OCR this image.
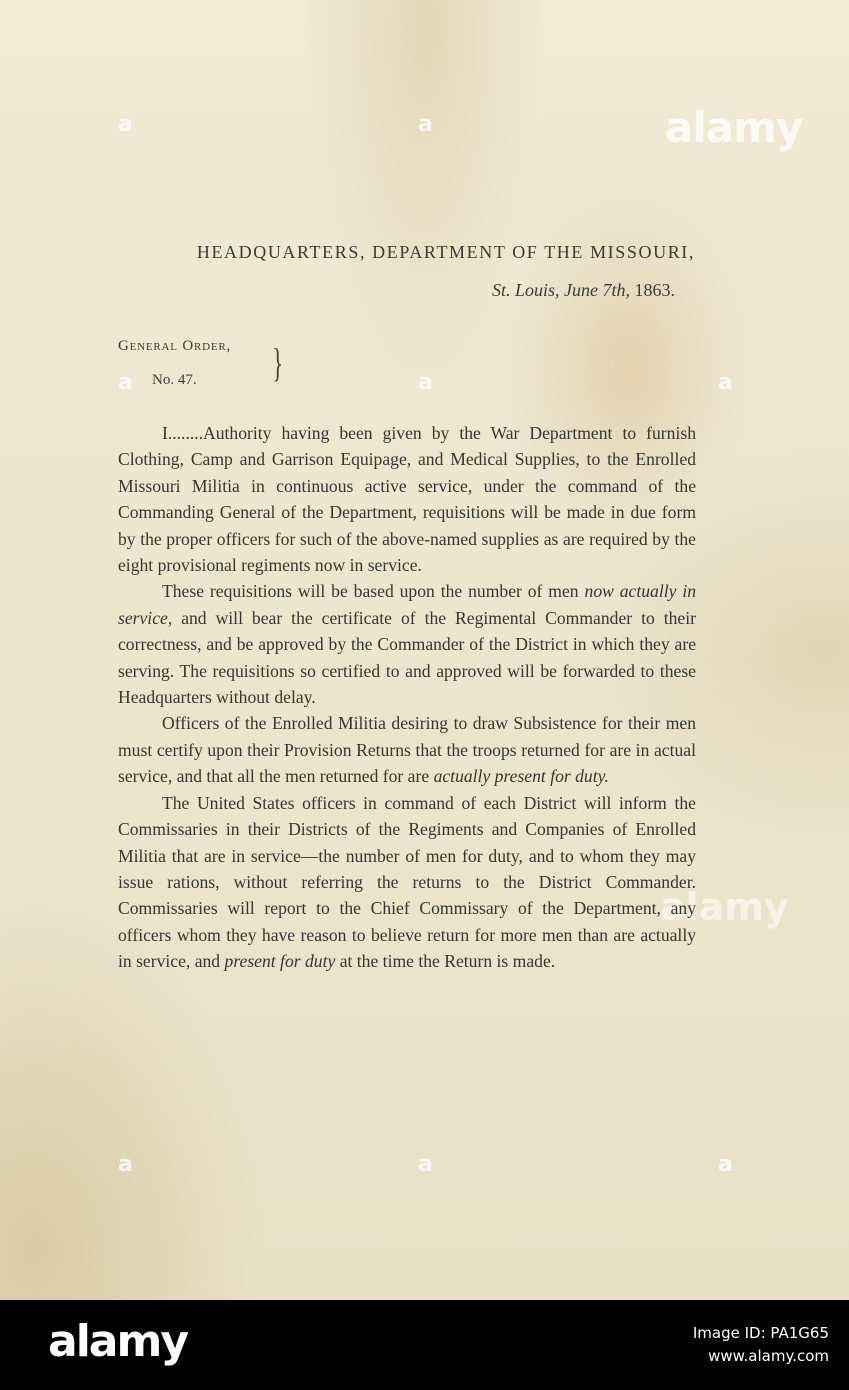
a	a	alamy
a	a	a
a	a	a
alamy
HEADQUARTERS, DEPARTMENT OF THE MISSOURI,
St. Louis, June 7th, 1863.
General Order,
No. 47. }

I........Authority having been given by the War Department to furnish Clothing, Camp and Garrison Equipage, and Medical Supplies, to the Enrolled Missouri Militia in continuous active service, under the command of the Commanding General of the Department, requisitions will be made in due form by the proper officers for such of the above-named supplies as are required by the eight provisional regiments now in service.

These requisitions will be based upon the number of men now actually in service, and will bear the certificate of the Regimental Commander to their correctness, and be approved by the Commander of the District in which they are serving. The requisitions so certified to and approved will be forwarded to these Headquarters without delay.

Officers of the Enrolled Militia desiring to draw Subsistence for their men must certify upon their Provision Returns that the troops returned for are in actual service, and that all the men returned for are actually present for duty.

The United States officers in command of each District will inform the Commissaries in their Districts of the Regiments and Companies of Enrolled Militia that are in service—the number of men for duty, and to whom they may issue rations, without referring the returns to the District Commander. Commissaries will report to the Chief Commissary of the Department, any officers whom they have reason to believe return for more men than are actually in service, and present for duty at the time the Return is made.

alamy	Image ID: PA1G65
www.alamy.com
